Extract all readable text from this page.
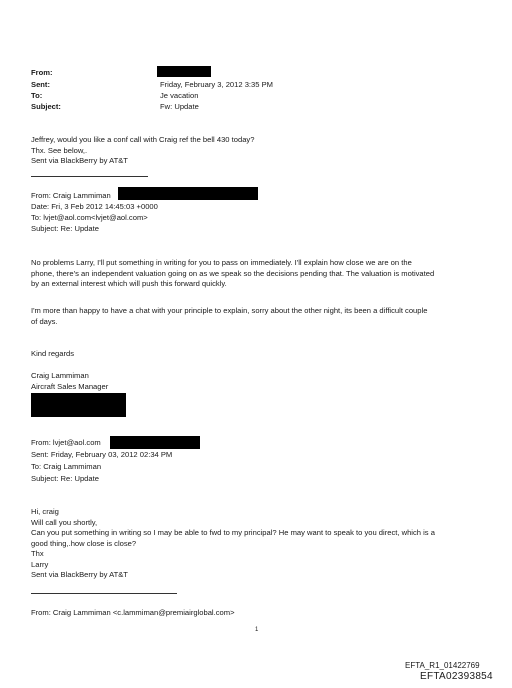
From:
Sent:	Friday, February 3, 2012 3:35 PM
To:	Je vacation
Subject:	Fw: Update
Jeffrey, would you like a conf call with Craig ref the bell 430 today?
Thx. See below,.
Sent via BlackBerry by AT&T
From: Craig Lammiman
Date: Fri, 3 Feb 2012 14:45:03 +0000
To: lvjet@aol.com<lvjet@aol.com>
Subject: Re: Update
No problems Larry, I'll put something in writing for you to pass on immediately. I'll explain how close we are on the
phone, there's an independent valuation going on as we speak so the decisions pending that. The valuation is motivated
by an external interest which will push this forward quickly.
I'm more than happy to have a chat with your principle to explain, sorry about the other night, its been a difficult couple
of days.
Kind regards
Craig Lammiman
Aircraft Sales Manager
From: lvjet@aol.com
Sent: Friday, February 03, 2012 02:34 PM
To: Craig Lammiman
Subject: Re: Update
Hi, craig
Will call you shortly,
Can you put something in writing so I may be able to fwd to my principal? He may want to speak to you direct, which is a
good thing,.how close is close?
Thx
Larry
Sent via BlackBerry by AT&T
From: Craig Lammiman <c.lammiman@premiairglobal.com>
1
EFTA_R1_01422769
EFTA02393854
